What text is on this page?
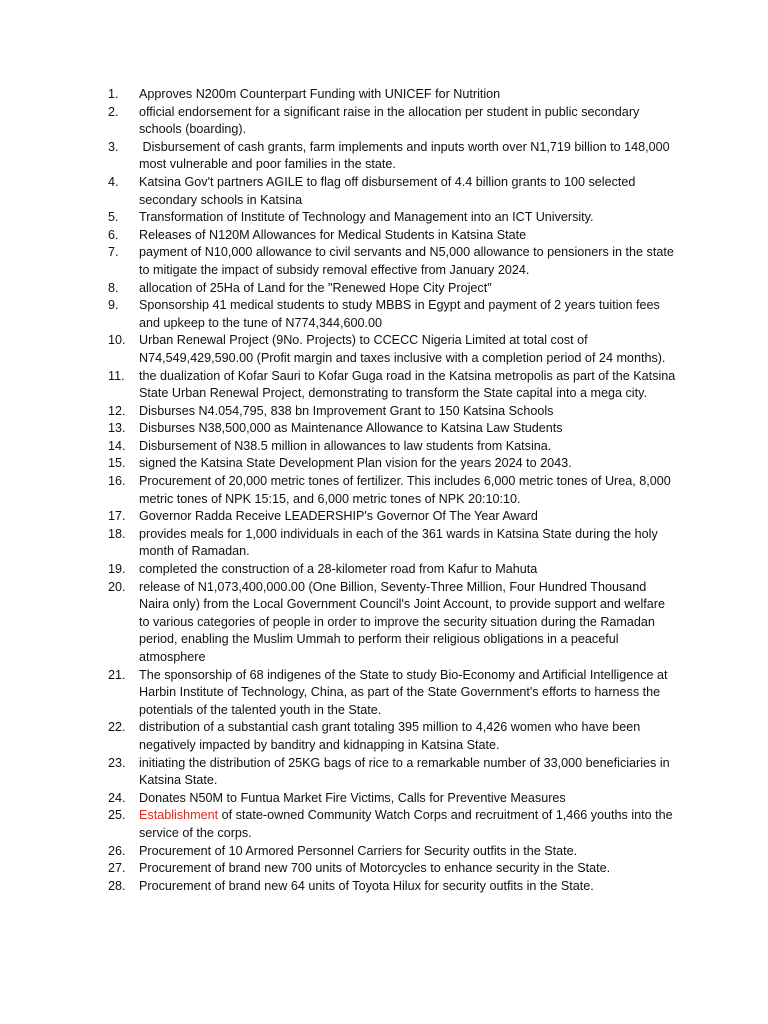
1.	Approves N200m Counterpart Funding with UNICEF for Nutrition
2.	official endorsement for a significant raise in the allocation per student in public secondary schools (boarding).
3.	Disbursement of cash grants, farm implements and inputs worth over N1,719 billion to 148,000 most vulnerable and poor families in the state.
4.	Katsina Gov't partners AGILE to flag off disbursement of 4.4 billion grants to 100 selected secondary schools in Katsina
5.	Transformation of Institute of Technology and Management into an ICT University.
6.	Releases of N120M Allowances for Medical Students in Katsina State
7.	payment of N10,000 allowance to civil servants and N5,000 allowance to pensioners in the state to mitigate the impact of subsidy removal effective from January 2024.
8.	allocation of 25Ha of Land for the "Renewed Hope City Project"
9.	Sponsorship 41 medical students to study MBBS in Egypt and payment of 2 years tuition fees and upkeep to the tune of N774,344,600.00
10.	Urban Renewal Project (9No. Projects) to CCECC Nigeria Limited at total cost of N74,549,429,590.00 (Profit margin and taxes inclusive with a completion period of 24 months).
11.	the dualization of Kofar Sauri to Kofar Guga road in the Katsina metropolis as part of the Katsina State Urban Renewal Project, demonstrating to transform the State capital into a mega city.
12.	Disburses N4.054,795, 838 bn Improvement Grant to 150 Katsina Schools
13.	Disburses N38,500,000 as Maintenance Allowance to Katsina Law Students
14.	Disbursement of N38.5 million in allowances to law students from Katsina.
15.	signed the Katsina State Development Plan vision for the years 2024 to 2043.
16.	Procurement of 20,000 metric tones of fertilizer. This includes 6,000 metric tones of Urea, 8,000 metric tones of NPK 15:15, and 6,000 metric tones of NPK 20:10:10.
17.	Governor Radda Receive LEADERSHIP's Governor Of The Year Award
18.	provides meals for 1,000 individuals in each of the 361 wards in Katsina State during the holy month of Ramadan.
19.	completed the construction of a 28-kilometer road from Kafur to Mahuta
20.	release of N1,073,400,000.00 (One Billion, Seventy-Three Million, Four Hundred Thousand Naira only) from the Local Government Council's Joint Account, to provide support and welfare to various categories of people in order to improve the security situation during the Ramadan period, enabling the Muslim Ummah to perform their religious obligations in a peaceful atmosphere
21.	The sponsorship of 68 indigenes of the State to study Bio-Economy and Artificial Intelligence at Harbin Institute of Technology, China, as part of the State Government's efforts to harness the potentials of the talented youth in the State.
22.	distribution of a substantial cash grant totaling 395 million to 4,426 women who have been negatively impacted by banditry and kidnapping in Katsina State.
23.	initiating the distribution of 25KG bags of rice to a remarkable number of 33,000 beneficiaries in Katsina State.
24.	Donates N50M to Funtua Market Fire Victims, Calls for Preventive Measures
25.	Establishment of state-owned Community Watch Corps and recruitment of 1,466 youths into the service of the corps.
26.	Procurement of 10 Armored Personnel Carriers for Security outfits in the State.
27.	Procurement of brand new 700 units of Motorcycles to enhance security in the State.
28.	Procurement of brand new 64 units of Toyota Hilux for security outfits in the State.
